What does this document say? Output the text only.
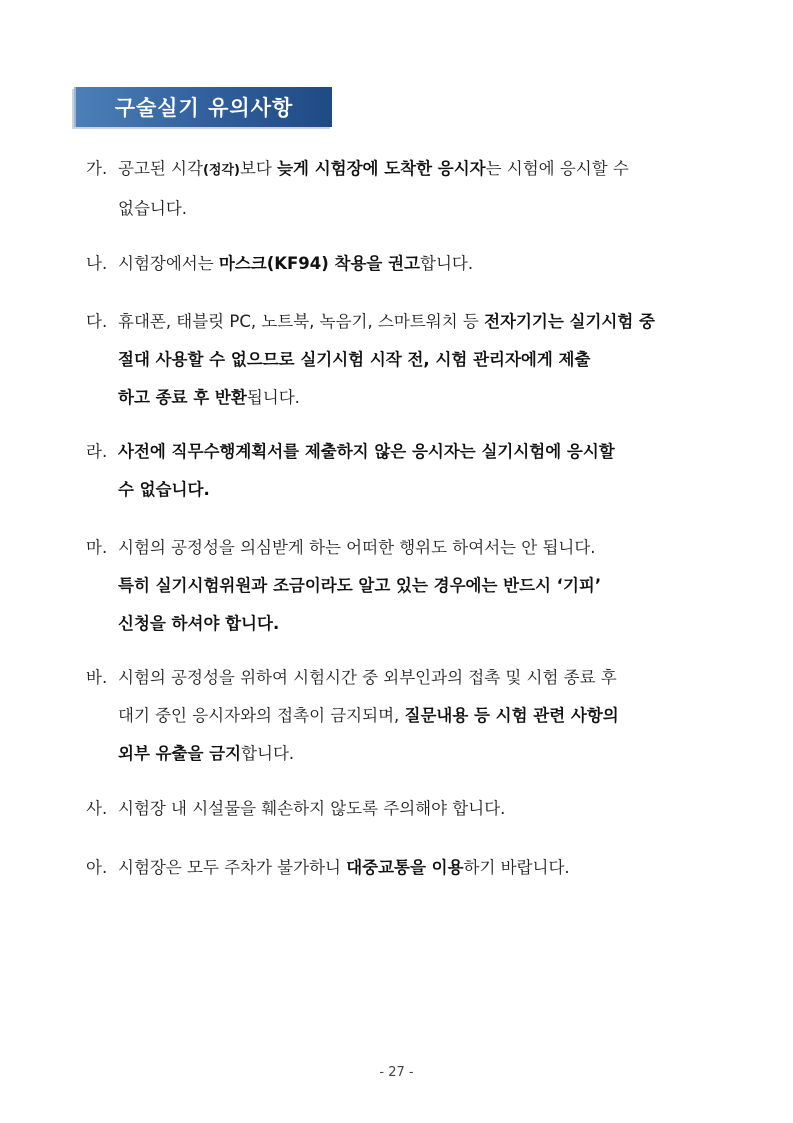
구술실기 유의사항
가. 공고된 시각(정각)보다 늦게 시험장에 도착한 응시자는 시험에 응시할 수
없습니다.
나. 시험장에서는 마스크(KF94) 착용을 권고합니다.
다. 휴대폰, 태블릿 PC, 노트북, 녹음기, 스마트워치 등 전자기기는 실기시험 중
절대 사용할 수 없으므로 실기시험 시작 전, 시험 관리자에게 제출
하고 종료 후 반환됩니다.
라. 사전에 직무수행계획서를 제출하지 않은 응시자는 실기시험에 응시할
수 없습니다.
마. 시험의 공정성을 의심받게 하는 어떠한 행위도 하여서는 안 됩니다.
특히 실기시험위원과 조금이라도 알고 있는 경우에는 반드시 ‘기피’
신청을 하셔야 합니다.
바. 시험의 공정성을 위하여 시험시간 중 외부인과의 접촉 및 시험 종료 후
대기 중인 응시자와의 접촉이 금지되며, 질문내용 등 시험 관련 사항의
외부 유출을 금지합니다.
사. 시험장 내 시설물을 훼손하지 않도록 주의해야 합니다.
아. 시험장은 모두 주차가 불가하니 대중교통을 이용하기 바랍니다.
- 27 -
